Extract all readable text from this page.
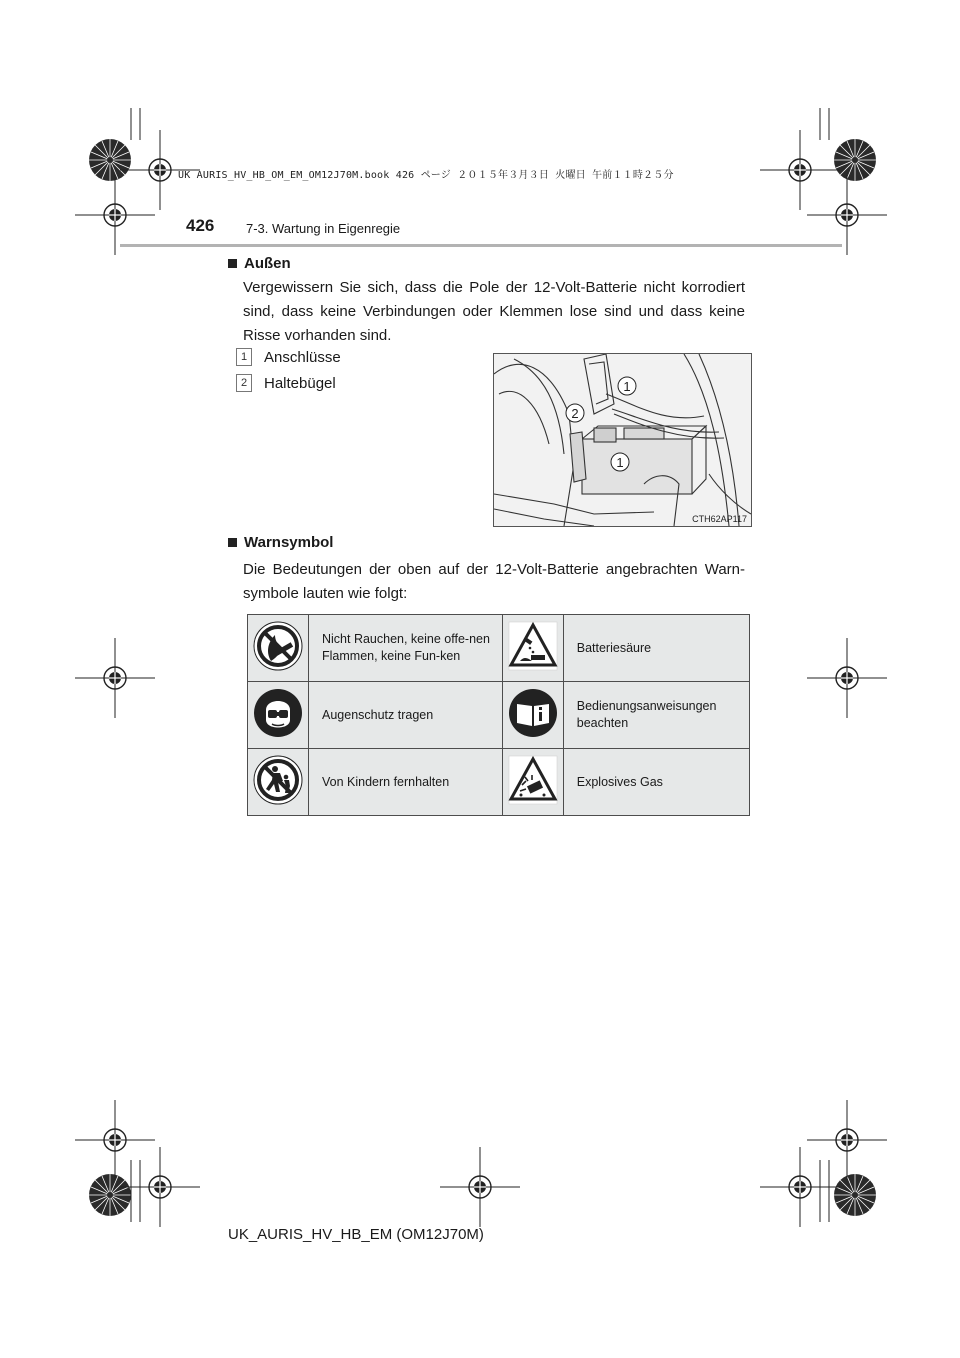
UK AURIS_HV_HB_OM_EM_OM12J70M.book 426 ページ ２０１５年３月３日 火曜日 午前１１時２５分
426 7-3. Wartung in Eigenregie
Außen
Vergewissern Sie sich, dass die Pole der 12-Volt-Batterie nicht korrodiert sind, dass keine Verbindungen oder Klemmen lose sind und dass keine Risse vorhanden sind.
1	Anschlüsse
2	Haltebügel	1
2
1
CTH62AP117
Warnsymbol
Die Bedeutungen der oben auf der 12-Volt-Batterie angebrachten Warn-symbole lauten wie folgt:
	Nicht Rauchen, keine offe-nen Flammen, keine Fun-ken		Batteriesäure
	Augenschutz tragen		Bedienungsanweisungen beachten
	Von Kindern fernhalten		Explosives Gas
UK_AURIS_HV_HB_EM (OM12J70M)
